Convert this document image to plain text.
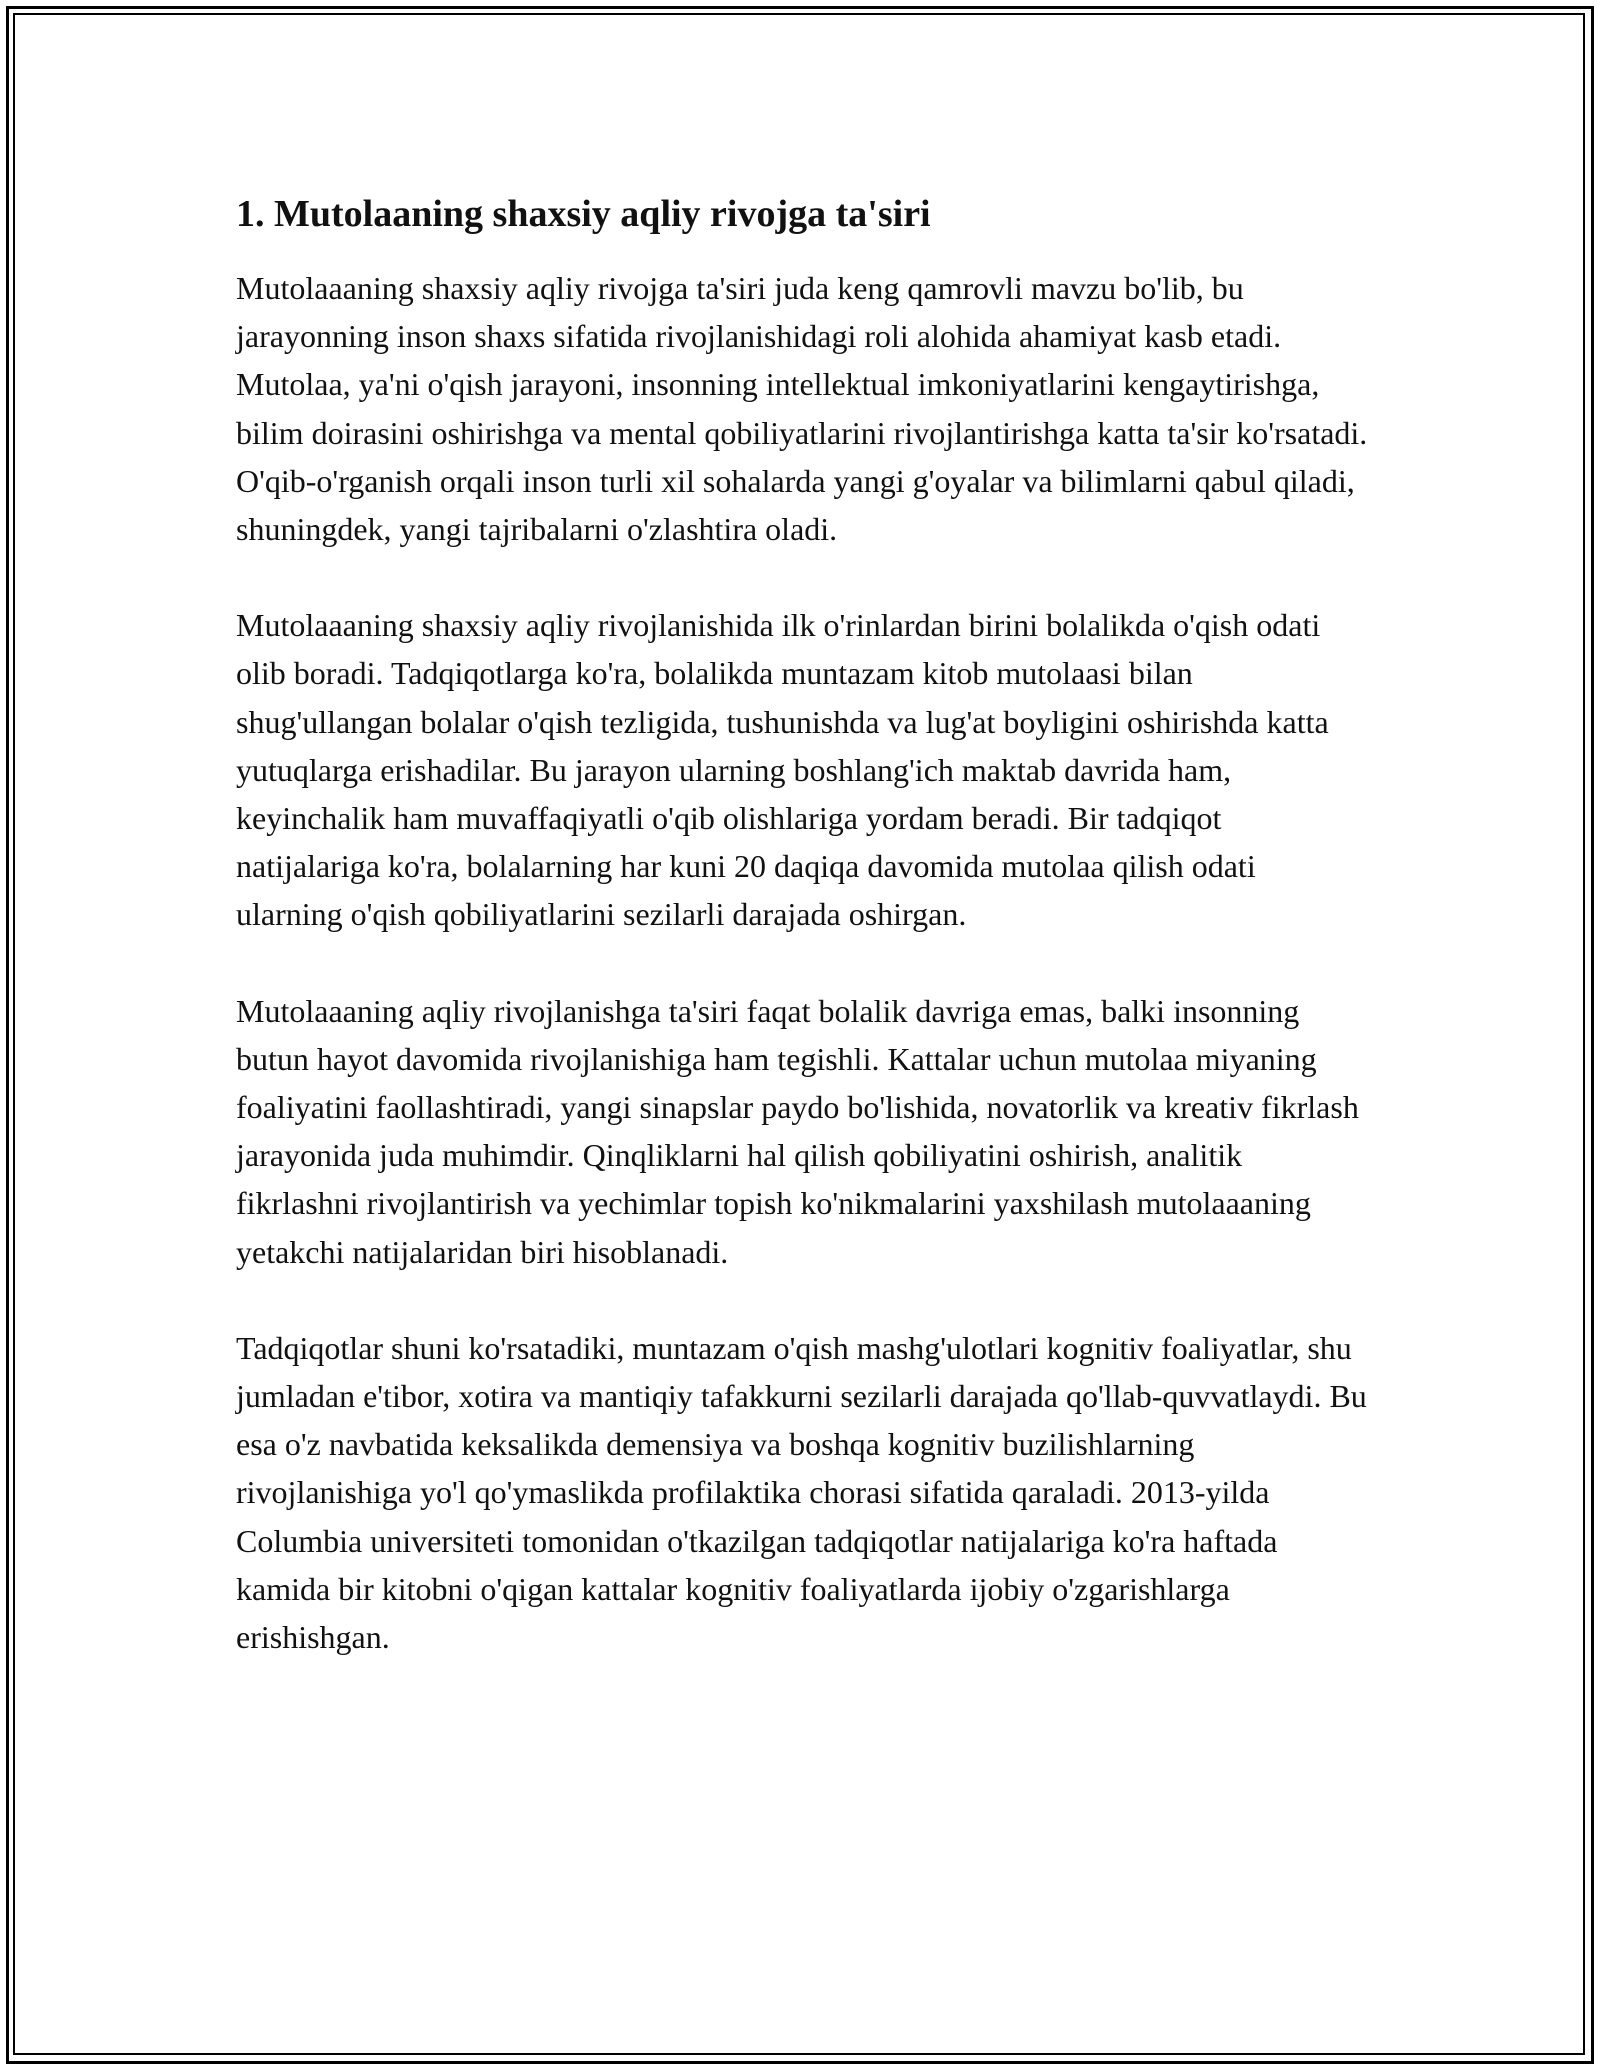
1. Mutolaaning shaxsiy aqliy rivojga ta'siri

Mutolaaaning shaxsiy aqliy rivojga ta'siri juda keng qamrovli mavzu bo'lib, bu jarayonning inson shaxs sifatida rivojlanishidagi roli alohida ahamiyat kasb etadi. Mutolaa, ya'ni o'qish jarayoni, insonning intellektual imkoniyatlarini kengaytirishga, bilim doirasini oshirishga va mental qobiliyatlarini rivojlantirishga katta ta'sir ko'rsatadi. O'qib-o'rganish orqali inson turli xil sohalarda yangi g'oyalar va bilimlarni qabul qiladi, shuningdek, yangi tajribalarni o'zlashtira oladi.

Mutolaaaning shaxsiy aqliy rivojlanishida ilk o'rinlardan birini bolalikda o'qish odati olib boradi. Tadqiqotlarga ko'ra, bolalikda muntazam kitob mutolaasi bilan shug'ullangan bolalar o'qish tezligida, tushunishda va lug'at boyligini oshirishda katta yutuqlarga erishadilar. Bu jarayon ularning boshlang'ich maktab davrida ham, keyinchalik ham muvaffaqiyatli o'qib olishlariga yordam beradi. Bir tadqiqot natijalariga ko'ra, bolalarning har kuni 20 daqiqa davomida mutolaa qilish odati ularning o'qish qobiliyatlarini sezilarli darajada oshirgan.

Mutolaaaning aqliy rivojlanishga ta'siri faqat bolalik davriga emas, balki insonning butun hayot davomida rivojlanishiga ham tegishli. Kattalar uchun mutolaa miyaning foaliyatini faollashtiradi, yangi sinapslar paydo bo'lishida, novatorlik va kreativ fikrlash jarayonida juda muhimdir. Qinqliklarni hal qilish qobiliyatini oshirish, analitik fikrlashni rivojlantirish va yechimlar topish ko'nikmalarini yaxshilash mutolaaaning yetakchi natijalaridan biri hisoblanadi.

Tadqiqotlar shuni ko'rsatadiki, muntazam o'qish mashg'ulotlari kognitiv foaliyatlar, shu jumladan e'tibor, xotira va mantiqiy tafakkurni sezilarli darajada qo'llab-quvvatlaydi. Bu esa o'z navbatida keksalikda demensiya va boshqa kognitiv buzilishlarning rivojlanishiga yo'l qo'ymaslikda profilaktika chorasi sifatida qaraladi. 2013-yilda Columbia universiteti tomonidan o'tkazilgan tadqiqotlar natijalariga ko'ra haftada kamida bir kitobni o'qigan kattalar kognitiv foaliyatlarda ijobiy o'zgarishlarga erishishgan.
